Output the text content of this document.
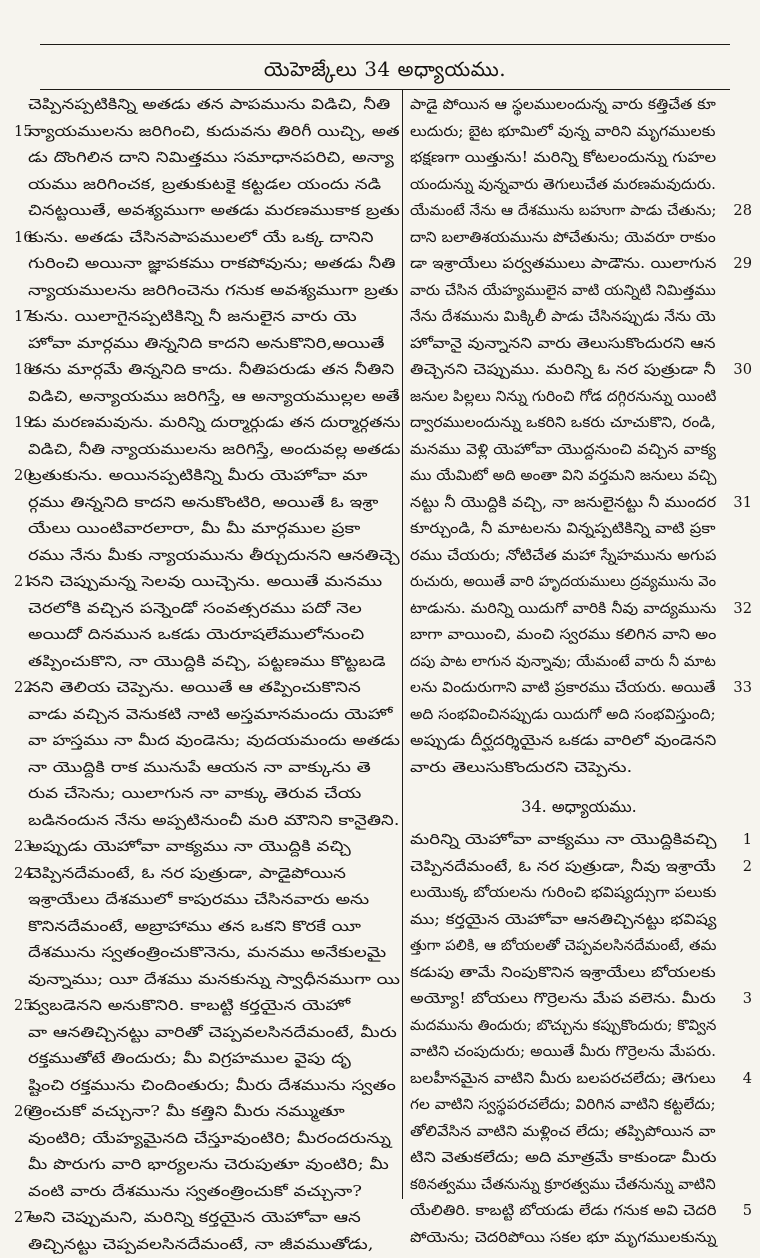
యెహెజ్కేలు 34 అధ్యాయము.
చెప్పినప్పటికిన్ని అతడు తన పాపమును విడిచి, నీతి
15
న్యాయములను జరిగించి, కుదువను తిరిగీ యిచ్చి, అత
డు దొంగిలిన దాని నిమిత్తము సమాధానపరిచి, అన్యా
యము జరిగించక, బ్రతుకుటకై కట్టడల యందు నడి
చినట్టయితే, అవశ్యముగా అతడు మరణముకాక బ్రతు
16
కును. అతడు చేసినపాపములలో యే ఒక్క దానిని
గురించి అయినా జ్ఞాపకము రాకపోవును; అతడు నీతి
న్యాయములను జరిగించెను గనుక అవశ్యముగా బ్రతు
17
కును. యిలాగైనప్పటికిన్ని నీ జనులైన వారు యె
హోవా మార్గము తిన్ననిది కాదని అనుకొనిరి,అయితే
18
తను మార్గమే తిన్ననిది కాదు. నీతిపరుడు తన నీతిని
విడిచి, అన్యాయము జరిగిస్తే, ఆ అన్యాయముల్లల అతే
19
డు మరణమవును. మరిన్ని దుర్మార్గుడు తన దుర్మార్గతను
విడిచి, నీతి న్యాయములను జరిగిస్తే, అందువల్ల అతడు
20
బ్రతుకును. అయినప్పటికిన్ని మీరు యెహోవా మా
ర్గము తిన్ననిది కాదని అనుకొంటిరి, అయితే ఓ ఇశ్రా
యేలు యింటివారలారా, మీ మీ మార్గముల ప్రకా
రము నేను మీకు న్యాయమును తీర్చుదునని ఆనతిచ్చె
21
నని చెప్పుమన్న సెలవు యిచ్చెను. అయితే మనము
చెరలోకి వచ్చిన పన్నెండో సంవత్సరము పదో నెల
అయిదో దినమున ఒకడు యెరూషలేములోనుంచి
తప్పించుకొని, నా యొద్దికి వచ్చి, పట్టణము కొట్టబడె
22
నని తెలియ చెప్పెను. అయితే ఆ తప్పించుకొనిన
వాడు వచ్చిన వెనుకటి నాటి అస్తమానమందు యెహో
వా హస్తము నా మీద వుండెను; వుదయమందు అతడు
నా యొద్దికి రాక మునుపే ఆయన నా వాక్కును తె
రువ చేసెను; యిలాగున నా వాక్కు తెరువ చేయ
బడినందున నేను అప్పటినుంచీ మరి మౌనిని కానైతిని.
23
అప్పుడు యెహోవా వాక్యము నా యొద్దికి వచ్చి
24
చెప్పినదేమంటే, ఓ నర పుత్రుడా, పాడైపోయిన
ఇశ్రాయేలు దేశములో కాపురము చేసినవారు అను
కొనినదేమంటే, అబ్రాహాము తన ఒకని కొరకే యీ
దేశమును స్వతంత్రించుకొనెను, మనము అనేకులమై
వున్నాము; యీ దేశము మనకున్ను స్వాధీనముగా యి
25
వ్వబడెనని అనుకొనిరి. కాబట్టి కర్తయైన యెహో
వా ఆనతిచ్చినట్టు వారితో చెప్పవలసినదేమంటే, మీరు
రక్తముతోటే తిందురు; మీ విగ్రహముల వైపు దృ
ష్టించి రక్తమును చిందింతురు; మీరు దేశమును స్వతం
26
త్రించుకో వచ్చునా? మీ కత్తిని మీరు నమ్ముతూ
వుంటిరి; యేహ్యమైనది చేస్తూవుంటిరి; మీరందరున్ను
మీ పొరుగు వారి భార్యలను చెరుపుతూ వుంటిరి; మీ
వంటి వారు దేశమును స్వతంత్రించుకో వచ్చునా?
27
అని చెప్పుమని, మరిన్ని కర్తయైన యెహోవా ఆన
తిచ్చినట్టు చెప్పవలసినదేమంటే, నా జీవముతోడు,
పాడై పోయిన ఆ స్థలములందున్న వారు కత్తిచేత కూ
లుదురు; బైట భూమిలో వున్న వారిని మృగములకు
భక్షణగా యిత్తును! మరిన్ని కోటలందున్ను గుహల
యందున్ను వున్నవారు తెగులుచేత మరణమవుదురు.
28
యేమంటే నేను ఆ దేశమును బహుగా పాడు చేతును;
దాని బలాతిశయమును పోచేతును; యెవరూ రాకుం
29
డా ఇశ్రాయేలు పర్వతములు పాడౌను. యిలాగున
వారు చేసిన యేహ్యములైన వాటి యన్నిటి నిమిత్తము
నేను దేశమును మిక్కిలీ పాడు చేసినప్పుడు నేను యె
హోవానై వున్నానని వారు తెలుసుకొందురని ఆన
30
తిచ్చెనని చెప్పుము. మరిన్ని ఓ నర పుత్రుడా నీ
జనుల పిల్లలు నిన్ను గురించి గోడ దగ్గిరనున్ను యింటి
ద్వారములందున్ను ఒకరిని ఒకరు చూచుకొని, రండి,
మనము వెళ్లి యెహోవా యొద్దనుంచి వచ్చిన వాక్య
ము యేమిటో అది అంతా విని వర్తమని జనులు వచ్చి
31
నట్టు నీ యొద్దికి వచ్చి, నా జనులైనట్టు నీ ముందర
కూర్చుండి, నీ మాటలను విన్నప్పటికిన్ని వాటి ప్రకా
రము చేయరు; నోటిచేత మహా స్నేహమును అగుప
రుచురు, అయితే వారి హృదయములు ద్రవ్యమును వెం
32
టాడును. మరిన్ని యిదుగో వారికి నీవు వాద్యమును
బాగా వాయించి, మంచి స్వరము కలిగిన వాని అం
దపు పాట లాగున వున్నావు; యేమంటే వారు నీ మాట
33
లను విందురుగాని వాటి ప్రకారము చేయరు. అయితే
అది సంభవించినప్పుడు యిదుగో అది సంభవిస్తుంది;
అప్పుడు దీర్ఘదర్శియైన ఒకడు వారిలో వుండెనని
వారు తెలుసుకొందురని చెప్పెను.
34. అధ్యాయము.
1
మరిన్ని యెహోవా వాక్యము నా యొద్దికివచ్చి
2
చెప్పినదేమంటే, ఓ నర పుత్రుడా, నీవు ఇశ్రాయే
లుయొక్క బోయలను గురించి భవిష్యద్సుగా పలుకు
ము; కర్తయైన యెహోవా ఆనతిచ్చినట్టు భవిష్య
త్తుగా పలికి, ఆ బోయలతో చెప్పవలసినదేమంటే, తమ
కడుపు తామే నింపుకొనిన ఇశ్రాయేలు బోయలకు
3
అయ్యో! బోయలు గొర్రెలను మేప వలెను. మీరు
మదమును తిందురు; బొచ్చును కప్పుకొందురు; కొవ్విన
వాటిని చంపుదురు; అయితే మీరు గొర్రెలను మేపరు.
4
బలహీనమైన వాటిని మీరు బలపరచలేదు; తెగులు
గల వాటిని స్వస్థపరచలేదు; విరిగిన వాటిని కట్టలేదు;
తోలివేసిన వాటిని మళ్లించ లేదు; తప్పిపోయిన వా
టిని వెతుకలేదు; అది మాత్రమే కాకుండా మీరు
కఠినత్వము చేతనున్ను క్రూరత్వము చేతనున్ను వాటిని
5
యేలితిరి. కాబట్టి బోయడు లేడు గనుక అవి చెదరి
పోయెను; చెదరిపోయి సకల భూ మృగములకున్ను
